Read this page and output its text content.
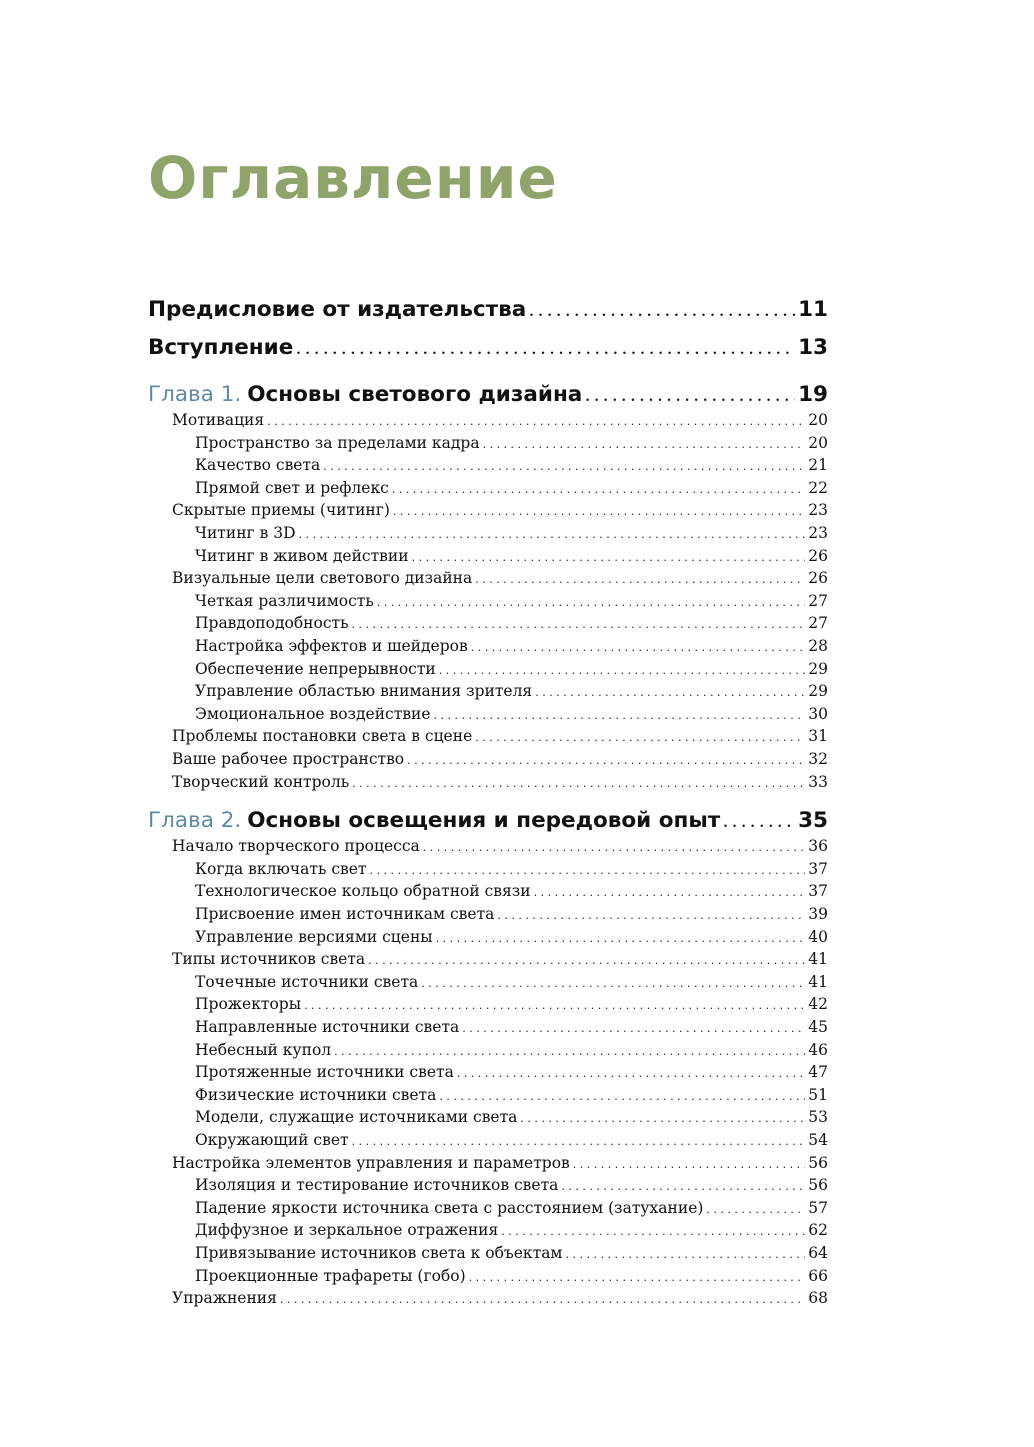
Оглавление
Предисловие от издательства . . .	11
Вступление . . .	13
Глава 1. Основы светового дизайна . . .	19
Мотивация . . .	20
Пространство за пределами кадра . . .	20
Качество света . . .	21
Прямой свет и рефлекс . . .	22
Скрытые приемы (читинг) . . .	23
Читинг в 3D . . .	23
Читинг в живом действии . . .	26
Визуальные цели светового дизайна . . .	26
Четкая различимость . . .	27
Правдоподобность . . .	27
Настройка эффектов и шейдеров . . .	28
Обеспечение непрерывности . . .	29
Управление областью внимания зрителя . . .	29
Эмоциональное воздействие . . .	30
Проблемы постановки света в сцене . . .	31
Ваше рабочее пространство . . .	32
Творческий контроль . . .	33
Глава 2. Основы освещения и передовой опыт . . .	35
Начало творческого процесса . . .	36
Когда включать свет . . .	37
Технологическое кольцо обратной связи . . .	37
Присвоение имен источникам света . . .	39
Управление версиями сцены . . .	40
Типы источников света . . .	41
Точечные источники света . . .	41
Прожекторы . . .	42
Направленные источники света . . .	45
Небесный купол . . .	46
Протяженные источники света . . .	47
Физические источники света . . .	51
Модели, служащие источниками света . . .	53
Окружающий свет . . .	54
Настройка элементов управления и параметров . . .	56
Изоляция и тестирование источников света . . .	56
Падение яркости источника света с расстоянием (затухание) . . .	57
Диффузное и зеркальное отражения . . .	62
Привязывание источников света к объектам . . .	64
Проекционные трафареты (гобо) . . .	66
Упражнения . . .	68
